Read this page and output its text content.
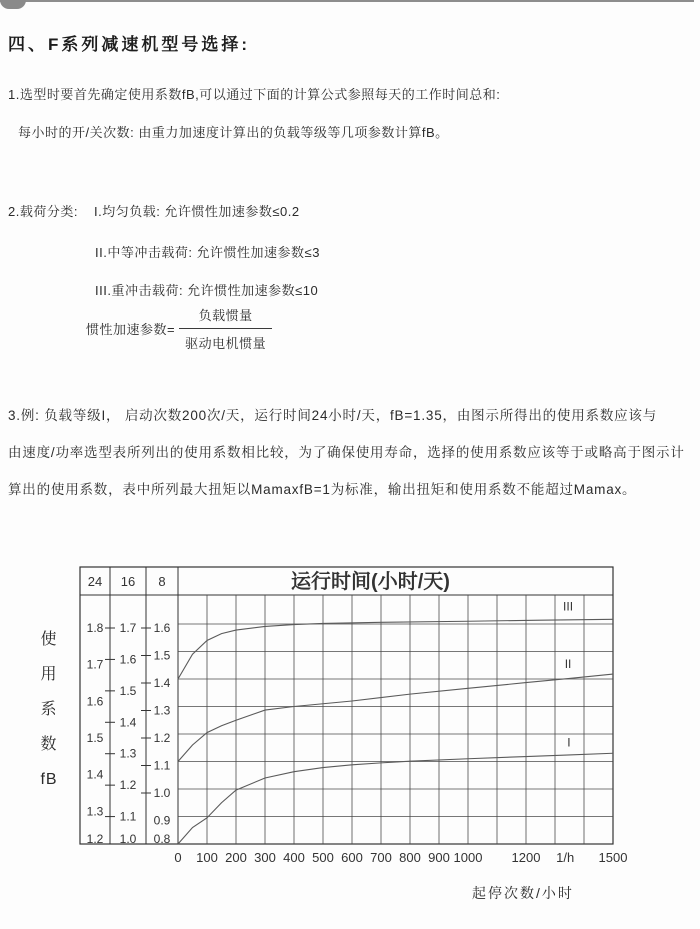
四、F系列减速机型号选择:

1.选型时要首先确定使用系数fB,可以通过下面的计算公式参照每天的工作时间总和:

每小时的开/关次数: 由重力加速度计算出的负载等级等几项参数计算fB。

2.载荷分类: I.均匀负载: 允许惯性加速参数≤0.2

II.中等冲击载荷: 允许惯性加速参数≤3

III.重冲击载荷: 允许惯性加速参数≤10

惯性加速参数= $\frac{\text{负载惯量}}{\text{驱动电机惯量}}$

3.例: 负载等级I， 启动次数200次/天，运行时间24小时/天，fB=1.35，由图示所得出的使用系数应该与

由速度/功率选型表所列出的使用系数相比较，为了确保使用寿命，选择的使用系数应该等于或略高于图示计

算出的使用系数，表中所列最大扭矩以MamaxfB=1为标准，输出扭矩和使用系数不能超过Mamax。

使
用
系
数
fB
运行时间(小时/天)
24 16 8
1.8
1.7
1.6
1.5
1.4
1.3
1.2
1.7
1.6
1.5
1.4
1.3
1.2
1.1
1.0
1.6
1.5
1.4
1.3
1.2
1.1
1.0
0.9
0.8
III
II
I
0 100 200 300 400 500 600 700 800 900 1000 1200 1/h 1500
起停次数/小时
